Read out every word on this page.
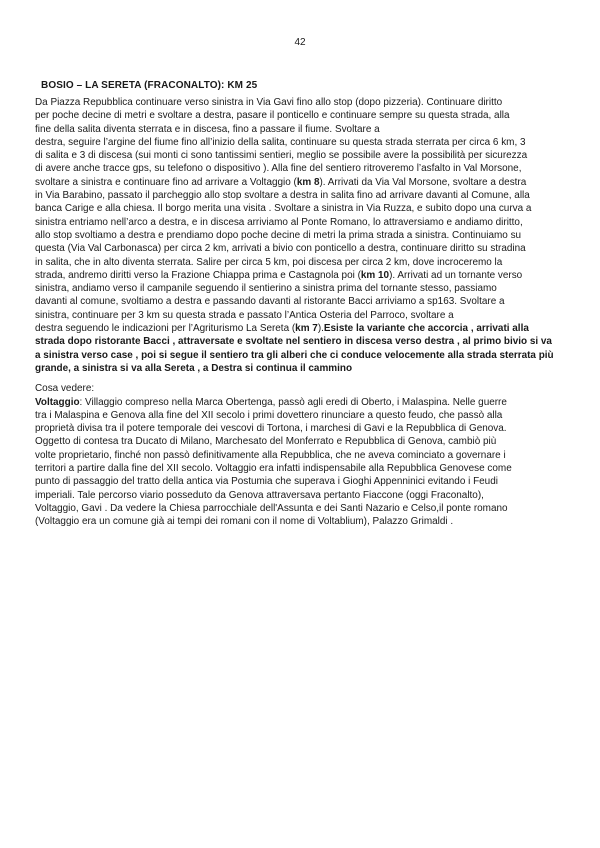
42
BOSIO – LA SERETA (FRACONALTO): KM 25

Da Piazza Repubblica continuare verso sinistra in Via Gavi fino allo stop (dopo pizzeria). Continuare diritto
per poche decine di metri e svoltare a destra, pasare il ponticello e continuare sempre su questa strada, alla
fine della salita diventa sterrata e in discesa, fino a passare il fiume. Svoltare a
destra, seguire l’argine del fiume fino all’inizio della salita, continuare su questa strada sterrata per circa 6 km, 3
di salita e 3 di discesa (sui monti ci sono tantissimi sentieri, meglio se possibile avere la possibilità per sicurezza
di avere anche tracce gps, su telefono o dispositivo ). Alla fine del sentiero ritroveremo l’asfalto in Val Morsone,
svoltare a sinistra e continuare fino ad arrivare a Voltaggio (km 8). Arrivati da Via Val Morsone, svoltare a destra
in Via Barabino, passato il parcheggio allo stop svoltare a destra in salita fino ad arrivare davanti al Comune, alla
banca Carige e alla chiesa. Il borgo merita una visita . Svoltare a sinistra in Via Ruzza, e subito dopo una curva a
sinistra entriamo nell’arco a destra, e in discesa arriviamo al Ponte Romano, lo attraversiamo e andiamo diritto,
allo stop svoltiamo a destra e prendiamo dopo poche decine di metri la prima strada a sinistra. Continuiamo su
questa (Via Val Carbonasca) per circa 2 km, arrivati a bivio con ponticello a destra, continuare diritto su stradina
in salita, che in alto diventa sterrata. Salire per circa 5 km, poi discesa per circa 2 km, dove incroceremo la
strada, andremo diritti verso la Frazione Chiappa prima e Castagnola poi (km 10). Arrivati ad un tornante verso
sinistra, andiamo verso il campanile seguendo il sentierino a sinistra prima del tornante stesso, passiamo
davanti al comune, svoltiamo a destra e passando davanti al ristorante Bacci arriviamo a sp163. Svoltare a
sinistra, continuare per 3 km su questa strada e passato l’Antica Osteria del Parroco, svoltare a
destra seguendo le indicazioni per l’Agriturismo La Sereta (km 7).Esiste la variante che accorcia , arrivati alla
strada dopo ristorante Bacci , attraversate e svoltate nel sentiero in discesa verso destra , al primo bivio si va
a sinistra verso case , poi si segue il sentiero tra gli alberi che ci conduce velocemente alla strada sterrata più
grande, a sinistra si va alla Sereta , a Destra si continua il cammino

Cosa vedere:

Voltaggio: Villaggio compreso nella Marca Obertenga, passò agli eredi di Oberto, i Malaspina. Nelle guerre
tra i Malaspina e Genova alla fine del XII secolo i primi dovettero rinunciare a questo feudo, che passò alla
proprietà divisa tra il potere temporale dei vescovi di Tortona, i marchesi di Gavi e la Repubblica di Genova.
Oggetto di contesa tra Ducato di Milano, Marchesato del Monferrato e Repubblica di Genova, cambiò più
volte proprietario, finché non passò definitivamente alla Repubblica, che ne aveva cominciato a governare i
territori a partire dalla fine del XII secolo. Voltaggio era infatti indispensabile alla Repubblica Genovese come
punto di passaggio del tratto della antica via Postumia che superava i Gioghi Appenninici evitando i Feudi
imperiali. Tale percorso viario posseduto da Genova attraversava pertanto Fiaccone (oggi Fraconalto),
Voltaggio, Gavi . Da vedere la Chiesa parrocchiale dell'Assunta e dei Santi Nazario e Celso,il ponte romano
(Voltaggio era un comune già ai tempi dei romani con il nome di Voltablium), Palazzo Grimaldi .
